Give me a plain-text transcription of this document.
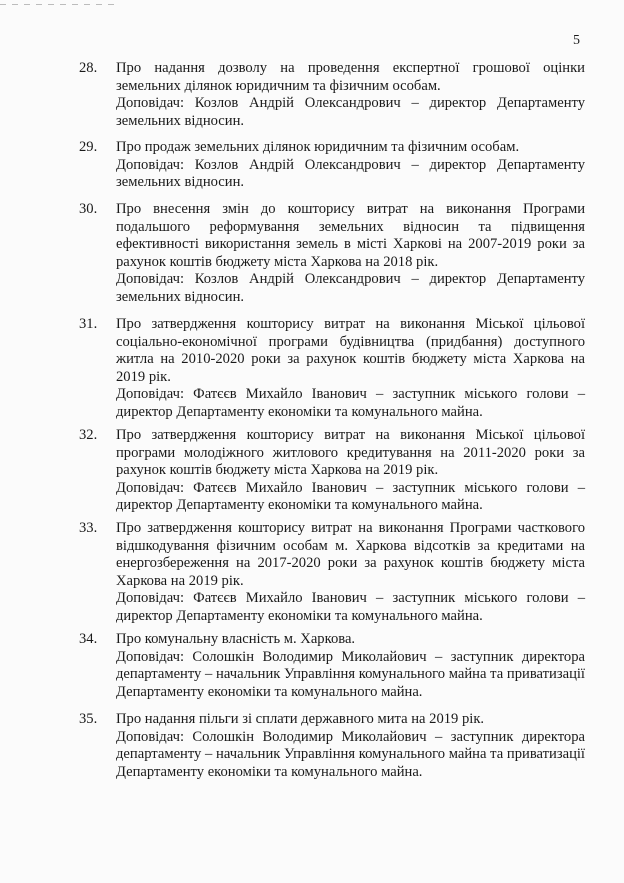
5
28.	Про надання дозволу на проведення експертної грошової оцінки земельних ділянок юридичним та фізичним особам.
Доповідач: Козлов Андрій Олександрович – директор Департаменту земельних відносин.
29.	Про продаж земельних ділянок юридичним та фізичним особам.
Доповідач: Козлов Андрій Олександрович – директор Департаменту земельних відносин.
30.	Про внесення змін до кошторису витрат на виконання Програми подальшого реформування земельних відносин та підвищення ефективності використання земель в місті Харкові на 2007-2019 роки за рахунок коштів бюджету міста Харкова на 2018 рік.
Доповідач: Козлов Андрій Олександрович – директор Департаменту земельних відносин.
31.	Про затвердження кошторису витрат на виконання Міської цільової соціально-економічної програми будівництва (придбання) доступного житла на 2010-2020 роки за рахунок коштів бюджету міста Харкова на 2019 рік.
Доповідач: Фатєєв Михайло Іванович – заступник міського голови – директор Департаменту економіки та комунального майна.
32.	Про затвердження кошторису витрат на виконання Міської цільової програми молодіжного житлового кредитування на 2011-2020 роки за рахунок коштів бюджету міста Харкова на 2019 рік.
Доповідач: Фатєєв Михайло Іванович – заступник міського голови – директор Департаменту економіки та комунального майна.
33.	Про затвердження кошторису витрат на виконання Програми часткового відшкодування фізичним особам м. Харкова відсотків за кредитами на енергозбереження на 2017-2020 роки за рахунок коштів бюджету міста Харкова на 2019 рік.
Доповідач: Фатєєв Михайло Іванович – заступник міського голови – директор Департаменту економіки та комунального майна.
34.	Про комунальну власність м. Харкова.
Доповідач: Солошкін Володимир Миколайович – заступник директора департаменту – начальник Управління комунального майна та приватизації Департаменту економіки та комунального майна.
35.	Про надання пільги зі сплати державного мита на 2019 рік.
Доповідач: Солошкін Володимир Миколайович – заступник директора департаменту – начальник Управління комунального майна та приватизації Департаменту економіки та комунального майна.
